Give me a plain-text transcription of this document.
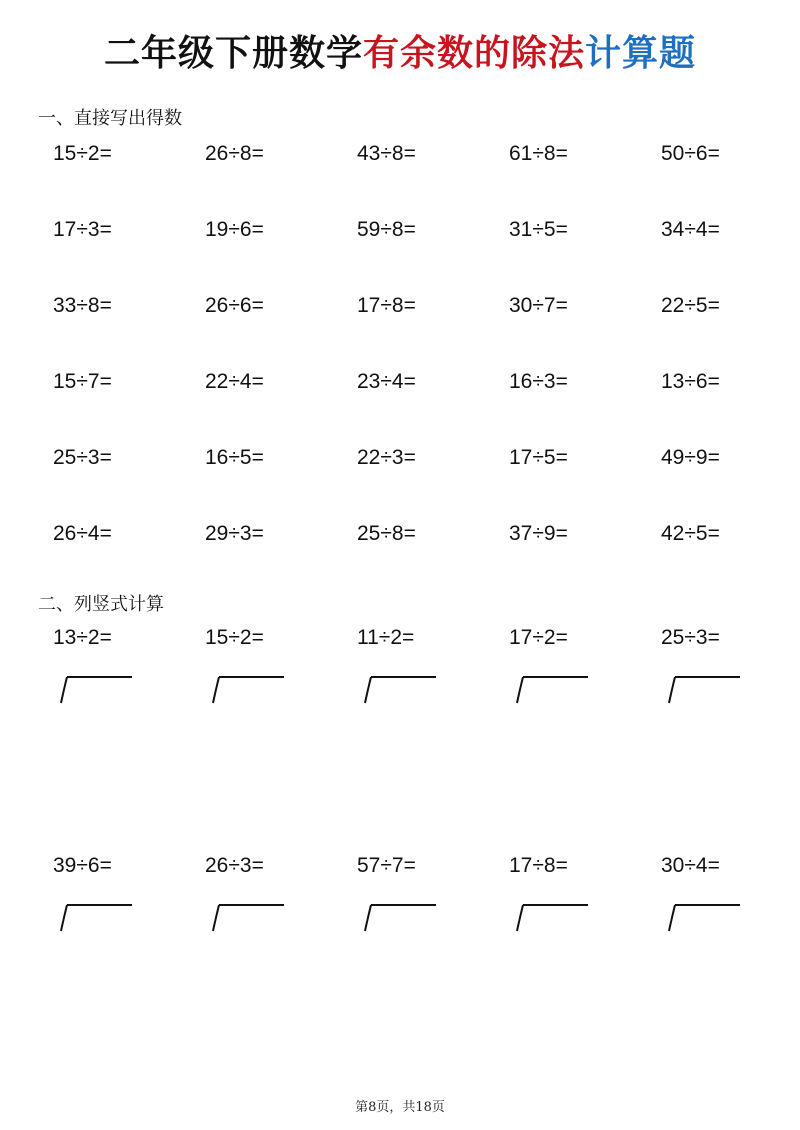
二年级下册数学有余数的除法计算题
一、直接写出得数
15÷2=	26÷8=	43÷8=	61÷8=	50÷6=
17÷3=	19÷6=	59÷8=	31÷5=	34÷4=
33÷8=	26÷6=	17÷8=	30÷7=	22÷5=
15÷7=	22÷4=	23÷4=	16÷3=	13÷6=
25÷3=	16÷5=	22÷3=	17÷5=	49÷9=
26÷4=	29÷3=	25÷8=	37÷9=	42÷5=
二、列竖式计算
13÷2=	15÷2=	11÷2=	17÷2=	25÷3=
39÷6=	26÷3=	57÷7=	17÷8=	30÷4=
第8页，共18页
